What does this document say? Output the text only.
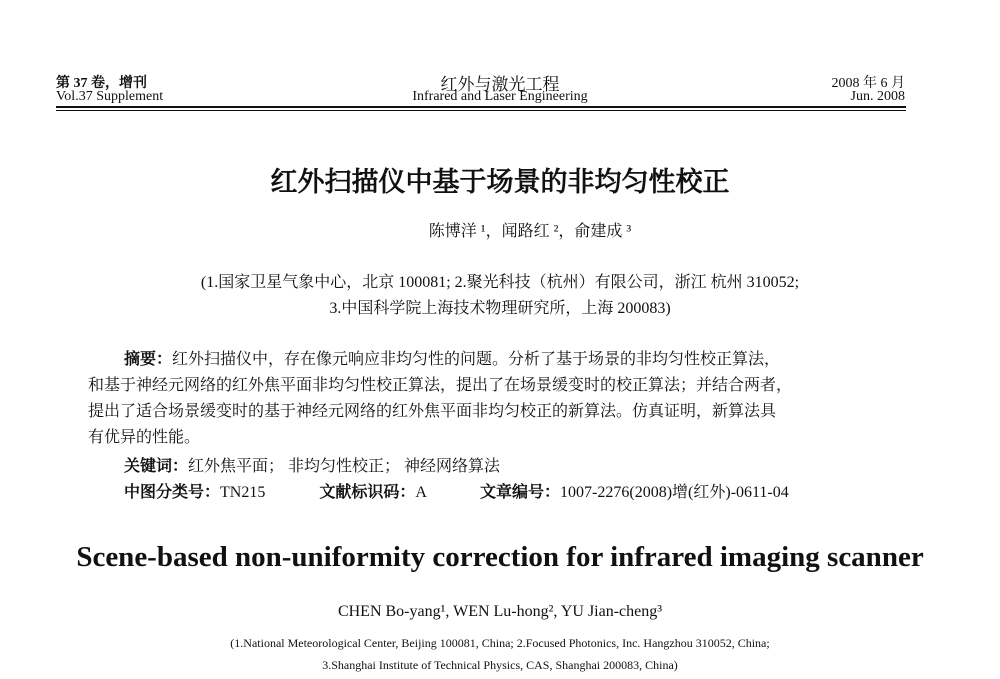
第 37 卷，增刊
Vol.37 Supplement
红外与激光工程
Infrared and Laser Engineering
2008 年 6 月
Jun. 2008
红外扫描仪中基于场景的非均匀性校正
陈博洋 ¹，闻路红 ²，俞建成 ³
(1.国家卫星气象中心，北京 100081; 2.聚光科技（杭州）有限公司，浙江 杭州 310052;
3.中国科学院上海技术物理研究所，上海 200083)
摘要：红外扫描仪中，存在像元响应非均匀性的问题。分析了基于场景的非均匀性校正算法，
和基于神经元网络的红外焦平面非均匀性校正算法，提出了在场景缓变时的校正算法；并结合两者，
提出了适合场景缓变时的基于神经元网络的红外焦平面非均匀校正的新算法。仿真证明，新算法具
有优异的性能。
关键词：红外焦平面； 非均匀性校正； 神经网络算法
中图分类号：TN215	文献标识码：A	文章编号：1007-2276(2008)增(红外)-0611-04
Scene-based non-uniformity correction for infrared imaging scanner
CHEN Bo-yang¹, WEN Lu-hong², YU Jian-cheng³
(1.National Meteorological Center, Beijing 100081, China; 2.Focused Photonics, Inc. Hangzhou 310052, China;
3.Shanghai Institute of Technical Physics, CAS, Shanghai 200083, China)
